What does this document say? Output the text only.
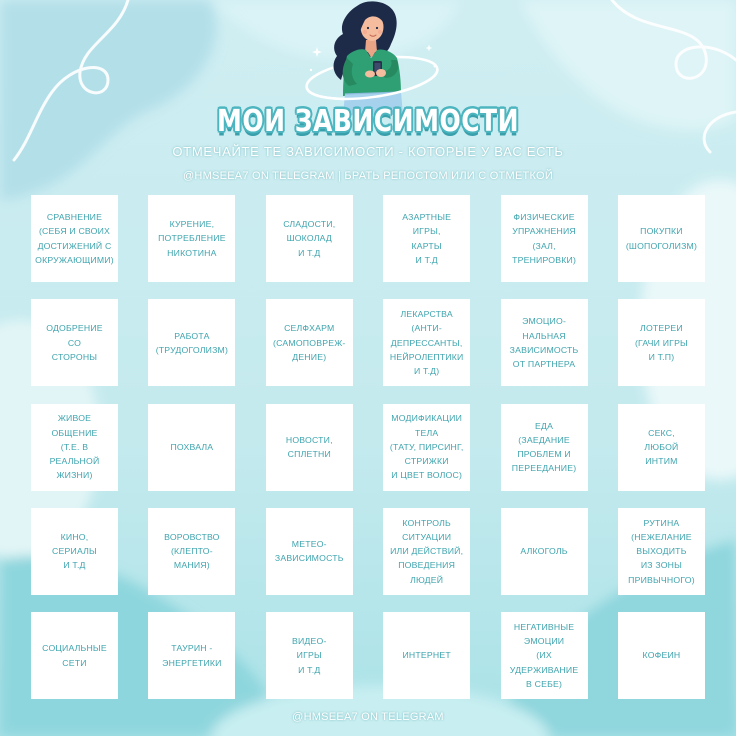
МОИ ЗАВИСИМОСТИ
ОТМЕЧАЙТЕ ТЕ ЗАВИСИМОСТИ - КОТОРЫЕ У ВАС ЕСТЬ
@HMSEEA7 ON TELEGRAM | БРАТЬ РЕПОСТОМ ИЛИ С ОТМЕТКОЙ
СРАВНЕНИЕ
(СЕБЯ И СВОИХ
ДОСТИЖЕНИЙ С
ОКРУЖАЮЩИМИ)
КУРЕНИЕ,
ПОТРЕБЛЕНИЕ
НИКОТИНА
СЛАДОСТИ,
ШОКОЛАД
И Т.Д
АЗАРТНЫЕ
ИГРЫ,
КАРТЫ
И Т.Д
ФИЗИЧЕСКИЕ
УПРАЖНЕНИЯ
(ЗАЛ,
ТРЕНИРОВКИ)
ПОКУПКИ
(ШОПОГОЛИЗМ)
ОДОБРЕНИЕ
СО
СТОРОНЫ
РАБОТА
(ТРУДОГОЛИЗМ)
СЕЛФХАРМ
(САМОПОВРЕЖ-
ДЕНИЕ)
ЛЕКАРСТВА
(АНТИ-
ДЕПРЕССАНТЫ,
НЕЙРОЛЕПТИКИ
И Т.Д)
ЭМОЦИО-
НАЛЬНАЯ
ЗАВИСИМОСТЬ
ОТ ПАРТНЕРА
ЛОТЕРЕИ
(ГАЧИ ИГРЫ
И Т.П)
ЖИВОЕ
ОБЩЕНИЕ
(Т.Е. В
РЕАЛЬНОЙ
ЖИЗНИ)
ПОХВАЛА
НОВОСТИ,
СПЛЕТНИ
МОДИФИКАЦИИ
ТЕЛА
(ТАТУ, ПИРСИНГ,
СТРИЖКИ
И ЦВЕТ ВОЛОС)
ЕДА
(ЗАЕДАНИЕ
ПРОБЛЕМ И
ПЕРЕЕДАНИЕ)
СЕКС,
ЛЮБОЙ
ИНТИМ
КИНО,
СЕРИАЛЫ
И Т.Д
ВОРОВСТВО
(КЛЕПТО-
МАНИЯ)
МЕТЕО-
ЗАВИСИМОСТЬ
КОНТРОЛЬ
СИТУАЦИИ
ИЛИ ДЕЙСТВИЙ,
ПОВЕДЕНИЯ
ЛЮДЕЙ
АЛКОГОЛЬ
РУТИНА
(НЕЖЕЛАНИЕ
ВЫХОДИТЬ
ИЗ ЗОНЫ
ПРИВЫЧНОГО)
СОЦИАЛЬНЫЕ
СЕТИ
ТАУРИН -
ЭНЕРГЕТИКИ
ВИДЕО-
ИГРЫ
И Т.Д
ИНТЕРНЕТ
НЕГАТИВНЫЕ
ЭМОЦИИ
(ИХ
УДЕРЖИВАНИЕ
В СЕБЕ)
КОФЕИН
@HMSEEA7 ON TELEGRAM
